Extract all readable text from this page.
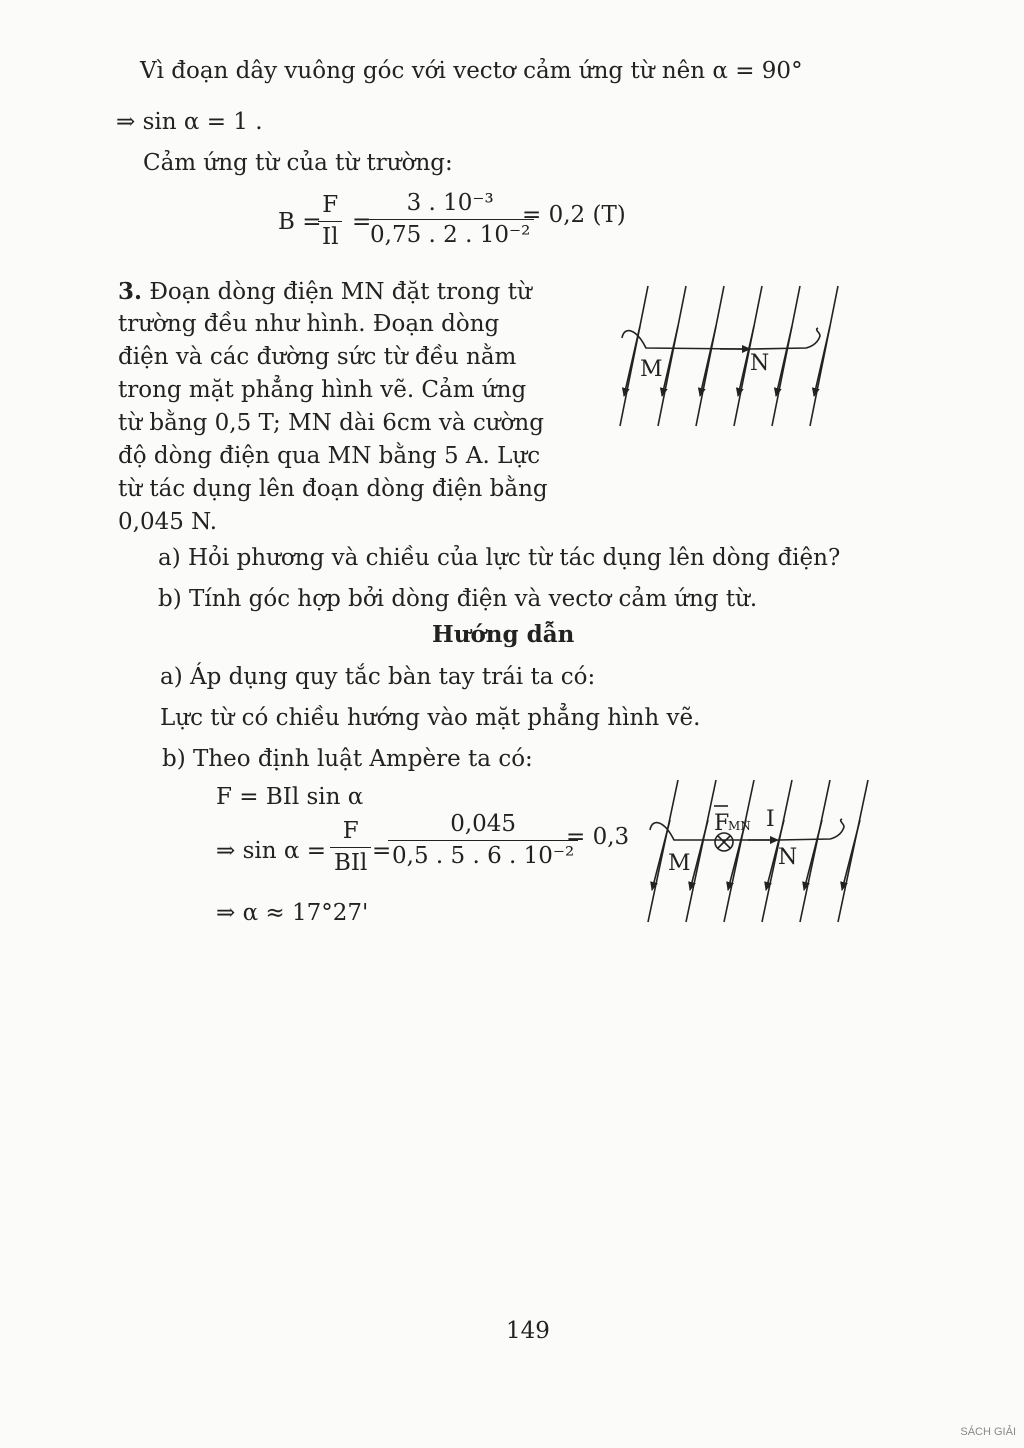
Vì đoạn dây vuông góc với vectơ cảm ứng từ nên α = 90°
⇒ sin α = 1 .
Cảm ứng từ của từ trường:
B =
$\frac{F}{Il}$ =
$\frac{\text{3 . 10⁻³}}{\text{0,75 . 2 . 10⁻²}}$
= 0,2 (T)
3. Đoạn dòng điện MN đặt trong từ
trường đều như hình. Đoạn dòng
điện và các đường sức từ đều nằm
trong mặt phẳng hình vẽ. Cảm ứng
từ bằng 0,5 T; MN dài 6cm và cường
độ dòng điện qua MN bằng 5 A. Lực
từ tác dụng lên đoạn dòng điện bằng
0,045 N.
M	N
a) Hỏi phương và chiều của lực từ tác dụng lên dòng điện?
b) Tính góc hợp bởi dòng điện và vectơ cảm ứng từ.
Hướng dẫn
a) Áp dụng quy tắc bàn tay trái ta có:
Lực từ có chiều hướng vào mặt phẳng hình vẽ.
b) Theo định luật Ampère ta có:
F = BIl sin α
⇒ sin α =
F
BIl =
$\frac{0,045}{\text{0,5 . 5 . 6 . 10⁻²}}$
= 0,3
⇒ α ≈ 17°27'
F
MN I
M	N
149
SÁCH GIẢI
